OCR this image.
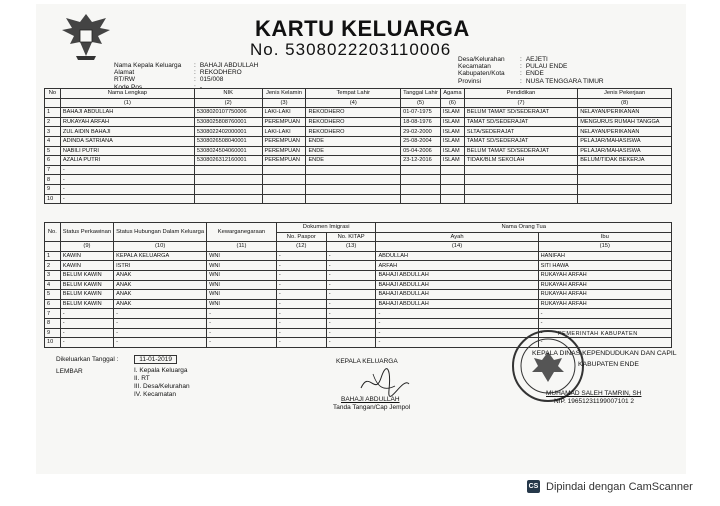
KARTU KELUARGA
No. 5308022203110006
Nama Kepala Keluarga	: BAHAJI ABDULLAH
Alamat	: REKODHERO
RT/RW	: 015/008
Kode Pos	: -
Desa/Kelurahan	: AEJETI
Kecamatan	: PULAU ENDE
Kabupaten/Kota	: ENDE
Provinsi	: NUSA TENGGARA TIMUR
No	Nama Lengkap	NIK	Jenis Kelamin	Tempat Lahir	Tanggal Lahir	Agama	Pendidikan	Jenis Pekerjaan
	(1)	(2)	(3)	(4)	(5)	(6)	(7)	(8)
1	BAHAJI ABDULLAH	5308020107750006	LAKI-LAKI	REKODHERO	01-07-1975	ISLAM	BELUM TAMAT SD/SEDERAJAT	NELAYAN/PERIKANAN
2	RUKAYAH ARFAH	5308025808760001	PEREMPUAN	REKODHERO	18-08-1976	ISLAM	TAMAT SD/SEDERAJAT	MENGURUS RUMAH TANGGA
3	ZUL AIDIN BAHAJI	5308022402000001	LAKI-LAKI	REKODHERO	29-02-2000	ISLAM	SLTA/SEDERAJAT	NELAYAN/PERIKANAN
4	ADINDA SATRIANA	5308026508040001	PEREMPUAN	ENDE	25-08-2004	ISLAM	TAMAT SD/SEDERAJAT	PELAJAR/MAHASISWA
5	NABILI PUTRI	5308024504060001	PEREMPUAN	ENDE	05-04-2006	ISLAM	BELUM TAMAT SD/SEDERAJAT	PELAJAR/MAHASISWA
6	AZALIA PUTRI	5308026312160001	PEREMPUAN	ENDE	23-12-2016	ISLAM	TIDAK/BLM SEKOLAH	BELUM/TIDAK BEKERJA
7	-							
8	-							
9	-							
10	-							
No.	Status Perkawinan	Status Hubungan Dalam Keluarga	Kewarganegaraan	Dokumen Imigrasi		Nama Orang Tua	
				No. Paspor	No. KITAP	Ayah	Ibu
	(9)	(10)	(11)	(12)	(13)	(14)	(15)
1	KAWIN	KEPALA KELUARGA	WNI	-	-	ABDULLAH	HANIFAH
2	KAWIN	ISTRI	WNI	-	-	ARFAH	SITI HAWA
3	BELUM KAWIN	ANAK	WNI	-	-	BAHAJI ABDULLAH	RUKAYAH ARFAH
4	BELUM KAWIN	ANAK	WNI	-	-	BAHAJI ABDULLAH	RUKAYAH ARFAH
5	BELUM KAWIN	ANAK	WNI	-	-	BAHAJI ABDULLAH	RUKAYAH ARFAH
6	BELUM KAWIN	ANAK	WNI	-	-	BAHAJI ABDULLAH	RUKAYAH ARFAH
7	-	-	-	-	-	-	-
8	-	-	-	-	-	-	-
9	-	-	-	-	-	-	-
10	-	-	-	-	-	-	-
Dikeluarkan Tanggal :	11-01-2019
LEMBAR	I. Kepala Keluarga
II. RT
III. Desa/Kelurahan
IV. Kecamatan
KEPALA KELUARGA
BAHAJI ABDULLAH
Tanda Tangan/Cap Jempol
PEMERINTAH KABUPATEN
KEPALA DINAS KEPENDUDUKAN DAN CAPIL
KABUPATEN ENDE
MUHAMAD SALEH TAMRIN, SH
NIP. 19651231199007101 2
CS Dipindai dengan CamScanner
